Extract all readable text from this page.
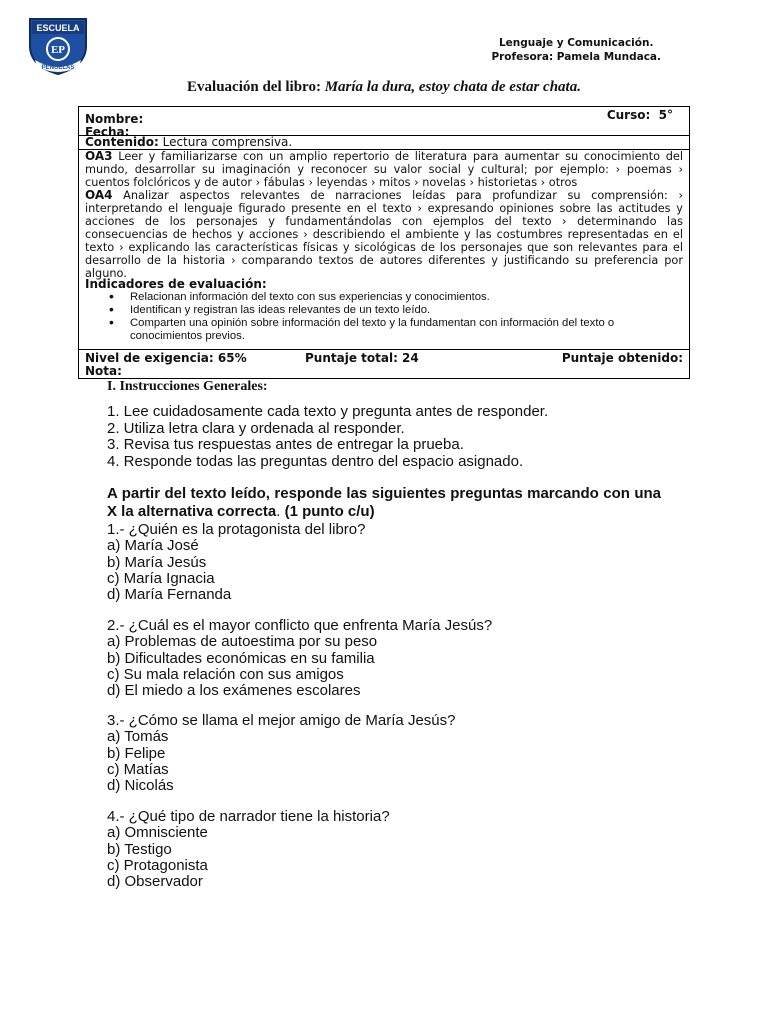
ESCUELA
EP
PEÑUELAS
Lenguaje y Comunicación.
Profesora: Pamela Mundaca.
Evaluación del libro: María la dura, estoy chata de estar chata.
Nombre:	Curso: 5°
Fecha:
Contenido: Lectura comprensiva.
OA3 Leer y familiarizarse con un amplio repertorio de literatura para aumentar su conocimiento del mundo, desarrollar su imaginación y reconocer su valor social y cultural; por ejemplo: › poemas › cuentos folclóricos y de autor › fábulas › leyendas › mitos › novelas › historietas › otros
OA4 Analizar aspectos relevantes de narraciones leídas para profundizar su comprensión: › interpretando el lenguaje figurado presente en el texto › expresando opiniones sobre las actitudes y acciones de los personajes y fundamentándolas con ejemplos del texto › determinando las consecuencias de hechos y acciones › describiendo el ambiente y las costumbres representadas en el texto › explicando las características físicas y sicológicas de los personajes que son relevantes para el desarrollo de la historia › comparando textos de autores diferentes y justificando su preferencia por alguno.
Indicadores de evaluación:
• Relacionan información del texto con sus experiencias y conocimientos.
• Identifican y registran las ideas relevantes de un texto leído.
• Comparten una opinión sobre información del texto y la fundamentan con información del texto o conocimientos previos.
Nivel de exigencia: 65%	Puntaje total: 24	Puntaje obtenido:
Nota:
I. Instrucciones Generales:
1. Lee cuidadosamente cada texto y pregunta antes de responder.
2. Utiliza letra clara y ordenada al responder.
3. Revisa tus respuestas antes de entregar la prueba.
4. Responde todas las preguntas dentro del espacio asignado.
A partir del texto leído, responde las siguientes preguntas marcando con una X la alternativa correcta. (1 punto c/u)
1.- ¿Quién es la protagonista del libro?
a) María José
b) María Jesús
c) María Ignacia
d) María Fernanda
2.- ¿Cuál es el mayor conflicto que enfrenta María Jesús?
a) Problemas de autoestima por su peso
b) Dificultades económicas en su familia
c) Su mala relación con sus amigos
d) El miedo a los exámenes escolares
3.- ¿Cómo se llama el mejor amigo de María Jesús?
a) Tomás
b) Felipe
c) Matías
d) Nicolás
4.- ¿Qué tipo de narrador tiene la historia?
a) Omnisciente
b) Testigo
c) Protagonista
d) Observador
